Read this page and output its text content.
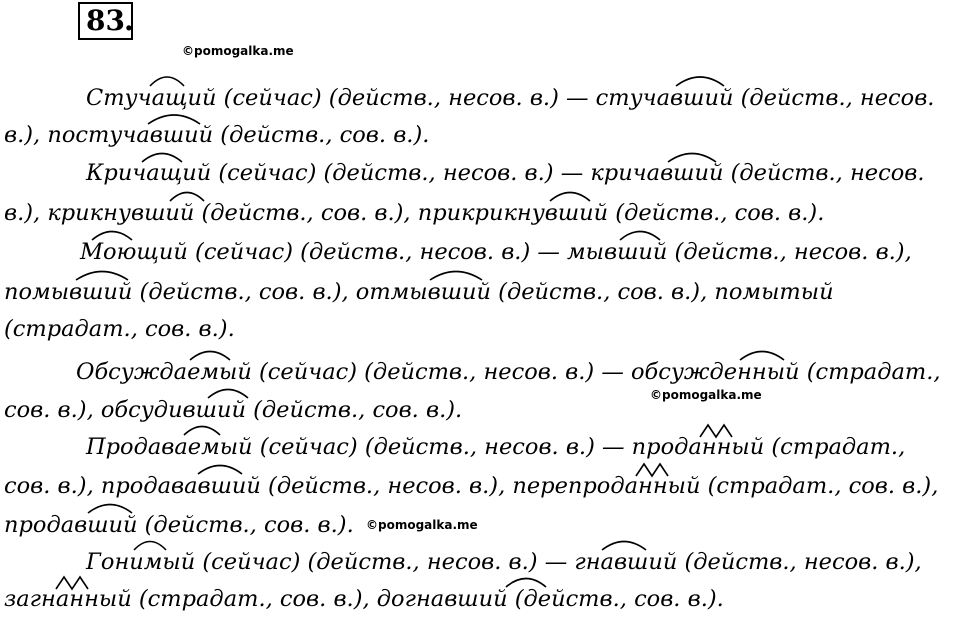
83 .
©pomogalka.me
Стучащий (сейчас) (действ., несов. в.) — стучавший (действ., несов.
в.), постучавший (действ., сов. в.).
Кричащий (сейчас) (действ., несов. в.) — кричавший (действ., несов.
в.), крикнувший (действ., сов. в.), прикрикнувший (действ., сов. в.).
Моющий (сейчас) (действ., несов. в.) — мывший (действ., несов. в.),
помывший (действ., сов. в.), отмывший (действ., сов. в.), помытый
(страдат., сов. в.).
Обсуждаемый (сейчас) (действ., несов. в.) — обсужденный (страдат.,
©pomogalka.me
сов. в.), обсудивший (действ., сов. в.).
Продаваемый (сейчас) (действ., несов. в.) — проданный (страдат.,
сов. в.), продававший (действ., несов. в.), перепроданный (страдат., сов. в.),
продавший (действ., сов. в.). ©pomogalka.me
Гонимый (сейчас) (действ., несов. в.) — гнавший (действ., несов. в.),
загнанный (страдат., сов. в.), догнавший (действ., сов. в.).
